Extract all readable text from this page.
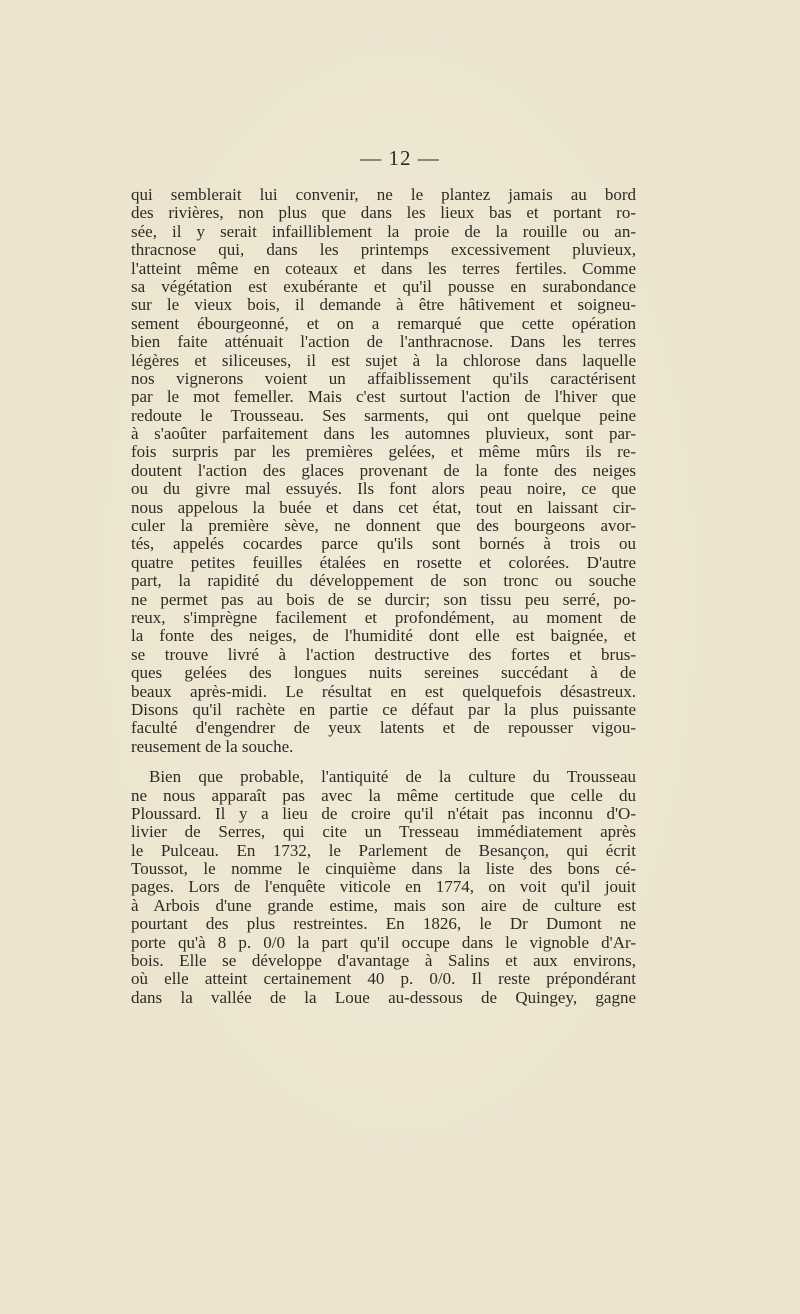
— 12 —
qui semblerait lui convenir, ne le plantez jamais au bord
des rivières, non plus que dans les lieux bas et portant ro-
sée, il y serait infailliblement la proie de la rouille ou an-
thracnose qui, dans les printemps excessivement pluvieux,
l'atteint même en coteaux et dans les terres fertiles. Comme
sa végétation est exubérante et qu'il pousse en surabondance
sur le vieux bois, il demande à être hâtivement et soigneu-
sement ébourgeonné, et on a remarqué que cette opération
bien faite atténuait l'action de l'anthracnose. Dans les terres
légères et siliceuses, il est sujet à la chlorose dans laquelle
nos vignerons voient un affaiblissement qu'ils caractérisent
par le mot femeller. Mais c'est surtout l'action de l'hiver que
redoute le Trousseau. Ses sarments, qui ont quelque peine
à s'aoûter parfaitement dans les automnes pluvieux, sont par-
fois surpris par les premières gelées, et même mûrs ils re-
doutent l'action des glaces provenant de la fonte des neiges
ou du givre mal essuyés. Ils font alors peau noire, ce que
nous appelous la buée et dans cet état, tout en laissant cir-
culer la première sève, ne donnent que des bourgeons avor-
tés, appelés cocardes parce qu'ils sont bornés à trois ou
quatre petites feuilles étalées en rosette et colorées. D'autre
part, la rapidité du développement de son tronc ou souche
ne permet pas au bois de se durcir; son tissu peu serré, po-
reux, s'imprègne facilement et profondément, au moment de
la fonte des neiges, de l'humidité dont elle est baignée, et
se trouve livré à l'action destructive des fortes et brus-
ques gelées des longues nuits sereines succédant à de
beaux après-midi. Le résultat en est quelquefois désastreux.
Disons qu'il rachète en partie ce défaut par la plus puissante
faculté d'engendrer de yeux latents et de repousser vigou-
reusement de la souche.
Bien que probable, l'antiquité de la culture du Trousseau
ne nous apparaît pas avec la même certitude que celle du
Ploussard. Il y a lieu de croire qu'il n'était pas inconnu d'O-
livier de Serres, qui cite un Tresseau immédiatement après
le Pulceau. En 1732, le Parlement de Besançon, qui écrit
Toussot, le nomme le cinquième dans la liste des bons cé-
pages. Lors de l'enquête viticole en 1774, on voit qu'il jouit
à Arbois d'une grande estime, mais son aire de culture est
pourtant des plus restreintes. En 1826, le Dr Dumont ne
porte qu'à 8 p. 0/0 la part qu'il occupe dans le vignoble d'Ar-
bois. Elle se développe d'avantage à Salins et aux environs,
où elle atteint certainement 40 p. 0/0. Il reste prépondérant
dans la vallée de la Loue au-dessous de Quingey, gagne
